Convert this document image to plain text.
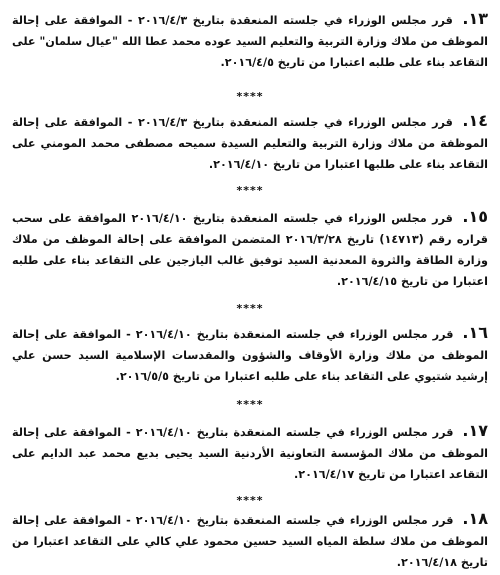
١٣. قرر مجلس الوزراء في جلسته المنعقدة بتاريخ ٢٠١٦/٤/٣ - الموافقة على إحالة الموظف من ملاك وزارة التربية والتعليم السيد عوده محمد عطا الله "عيال سلمان" على التقاعد بناء على طلبه اعتبارا من تاريخ ٢٠١٦/٤/٥.

****

١٤. قرر مجلس الوزراء في جلسته المنعقدة بتاريخ ٢٠١٦/٤/٣ - الموافقة على إحالة الموظفة من ملاك وزارة التربية والتعليم السيدة سميحه مصطفى محمد المومني على التقاعد بناء على طلبها اعتبارا من تاريخ ٢٠١٦/٤/١٠.

****

١٥. قرر مجلس الوزراء في جلسته المنعقدة بتاريخ ٢٠١٦/٤/١٠ الموافقة على سحب قراره رقم (١٤٧١٣) تاريخ ٢٠١٦/٣/٢٨ المتضمن الموافقة على إحالة الموظف من ملاك وزارة الطاقة والثروة المعدنية السيد توفيق غالب اليازجين على التقاعد بناء على طلبه اعتبارا من تاريخ ٢٠١٦/٤/١٥.

****

١٦. قرر مجلس الوزراء في جلسته المنعقدة بتاريخ ٢٠١٦/٤/١٠ - الموافقة على إحالة الموظف من ملاك وزارة الأوقاف والشؤون والمقدسات الإسلامية السيد حسن علي إرشيد شتيوي على التقاعد بناء على طلبه اعتبارا من تاريخ ٢٠١٦/٥/٥.

****

١٧. قرر مجلس الوزراء في جلسته المنعقدة بتاريخ ٢٠١٦/٤/١٠ - الموافقة على إحالة الموظف من ملاك المؤسسة التعاونية الأردنية السيد يحيى بديع محمد عبد الدايم على التقاعد اعتبارا من تاريخ ٢٠١٦/٤/١٧.

****

١٨. قرر مجلس الوزراء في جلسته المنعقدة بتاريخ ٢٠١٦/٤/١٠ - الموافقة على إحالة الموظف من ملاك سلطة المياه السيد حسين محمود علي كالي على التقاعد اعتبارا من تاريخ ٢٠١٦/٤/١٨.
